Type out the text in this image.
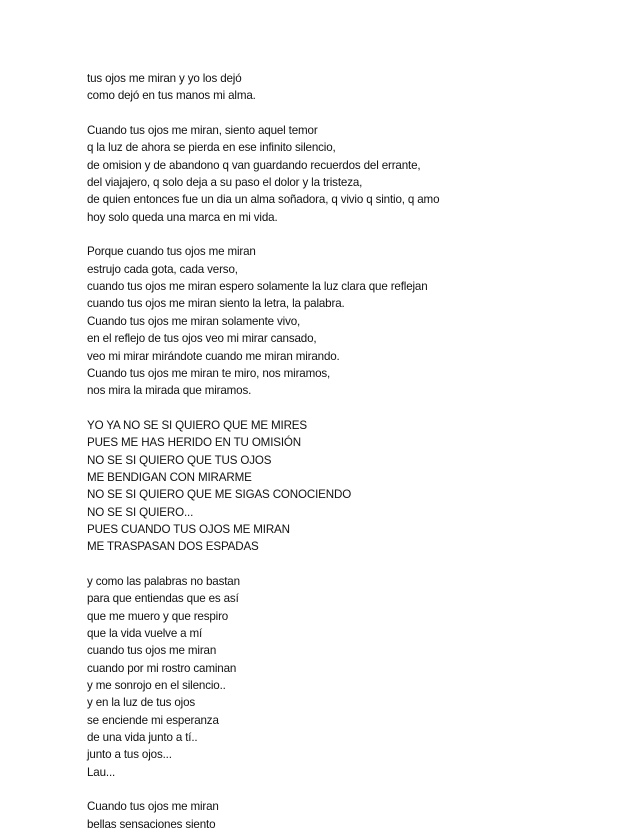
tus ojos me miran y yo los dejó
como dejó en tus manos mi alma.
Cuando tus ojos me miran, siento aquel temor
q la luz de ahora se pierda en ese infinito silencio,
de omision y de abandono q van guardando recuerdos del errante,
del viajajero, q solo deja a su paso el dolor y la tristeza,
de quien entonces fue un dia un alma soñadora, q vivio q sintio, q amo
hoy solo queda una marca en mi vida.
Porque cuando tus ojos me miran
estrujo cada gota, cada verso,
cuando tus ojos me miran espero solamente la luz clara que reflejan
cuando tus ojos me miran siento la letra, la palabra.
Cuando tus ojos me miran solamente vivo,
en el reflejo de tus ojos veo mi mirar cansado,
veo mi mirar mirándote cuando me miran mirando.
Cuando tus ojos me miran te miro, nos miramos,
nos mira la mirada que miramos.
YO YA NO SE SI QUIERO QUE ME MIRES
PUES ME HAS HERIDO EN TU OMISIÓN
NO SE SI QUIERO QUE TUS OJOS
ME BENDIGAN CON MIRARME
NO SE SI QUIERO QUE ME SIGAS CONOCIENDO
NO SE SI QUIERO...
PUES CUANDO TUS OJOS ME MIRAN
ME TRASPASAN DOS ESPADAS
y como las palabras no bastan
para que entiendas que es así
que me muero y que respiro
que la vida vuelve a mí
cuando tus ojos me miran
cuando por mi rostro caminan
y me sonrojo en el silencio..
y en la luz de tus ojos
se enciende mi esperanza
de una vida junto a tí..
junto a tus ojos...
Lau...
Cuando tus ojos me miran
bellas sensaciones siento
